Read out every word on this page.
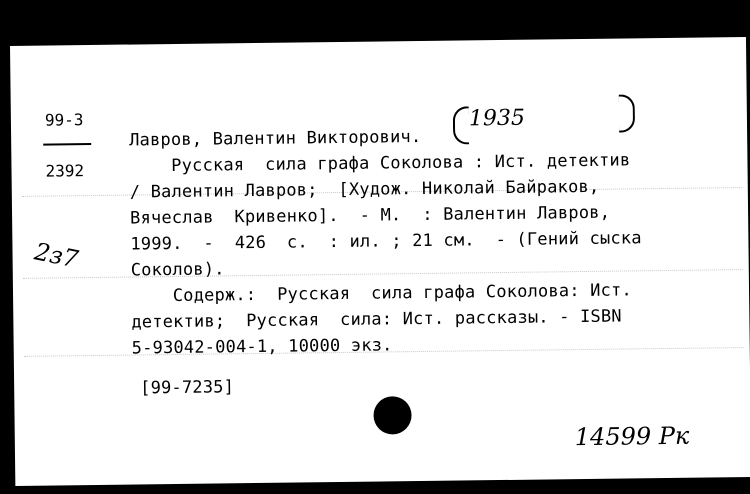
99-3
2392
Лавров, Валентин Викторович.
1935
Русская  сила графа Соколова : Ист. детектив
/ Валентин Лавров;  [Худож. Николай Байраков,
Вячеслав  Кривенко].  - М.  : Валентин Лавров,
1999.  -  426  с.  : ил. ; 21 см.  - (Гений сыска
Соколов).
Содерж.:  Русская  сила графа Соколова: Ист.
детектив;  Русская  сила: Ист. рассказы. - ISBN
5-93042-004-1, 10000 экз.
2з7
[99-7235]
14599 Рк
